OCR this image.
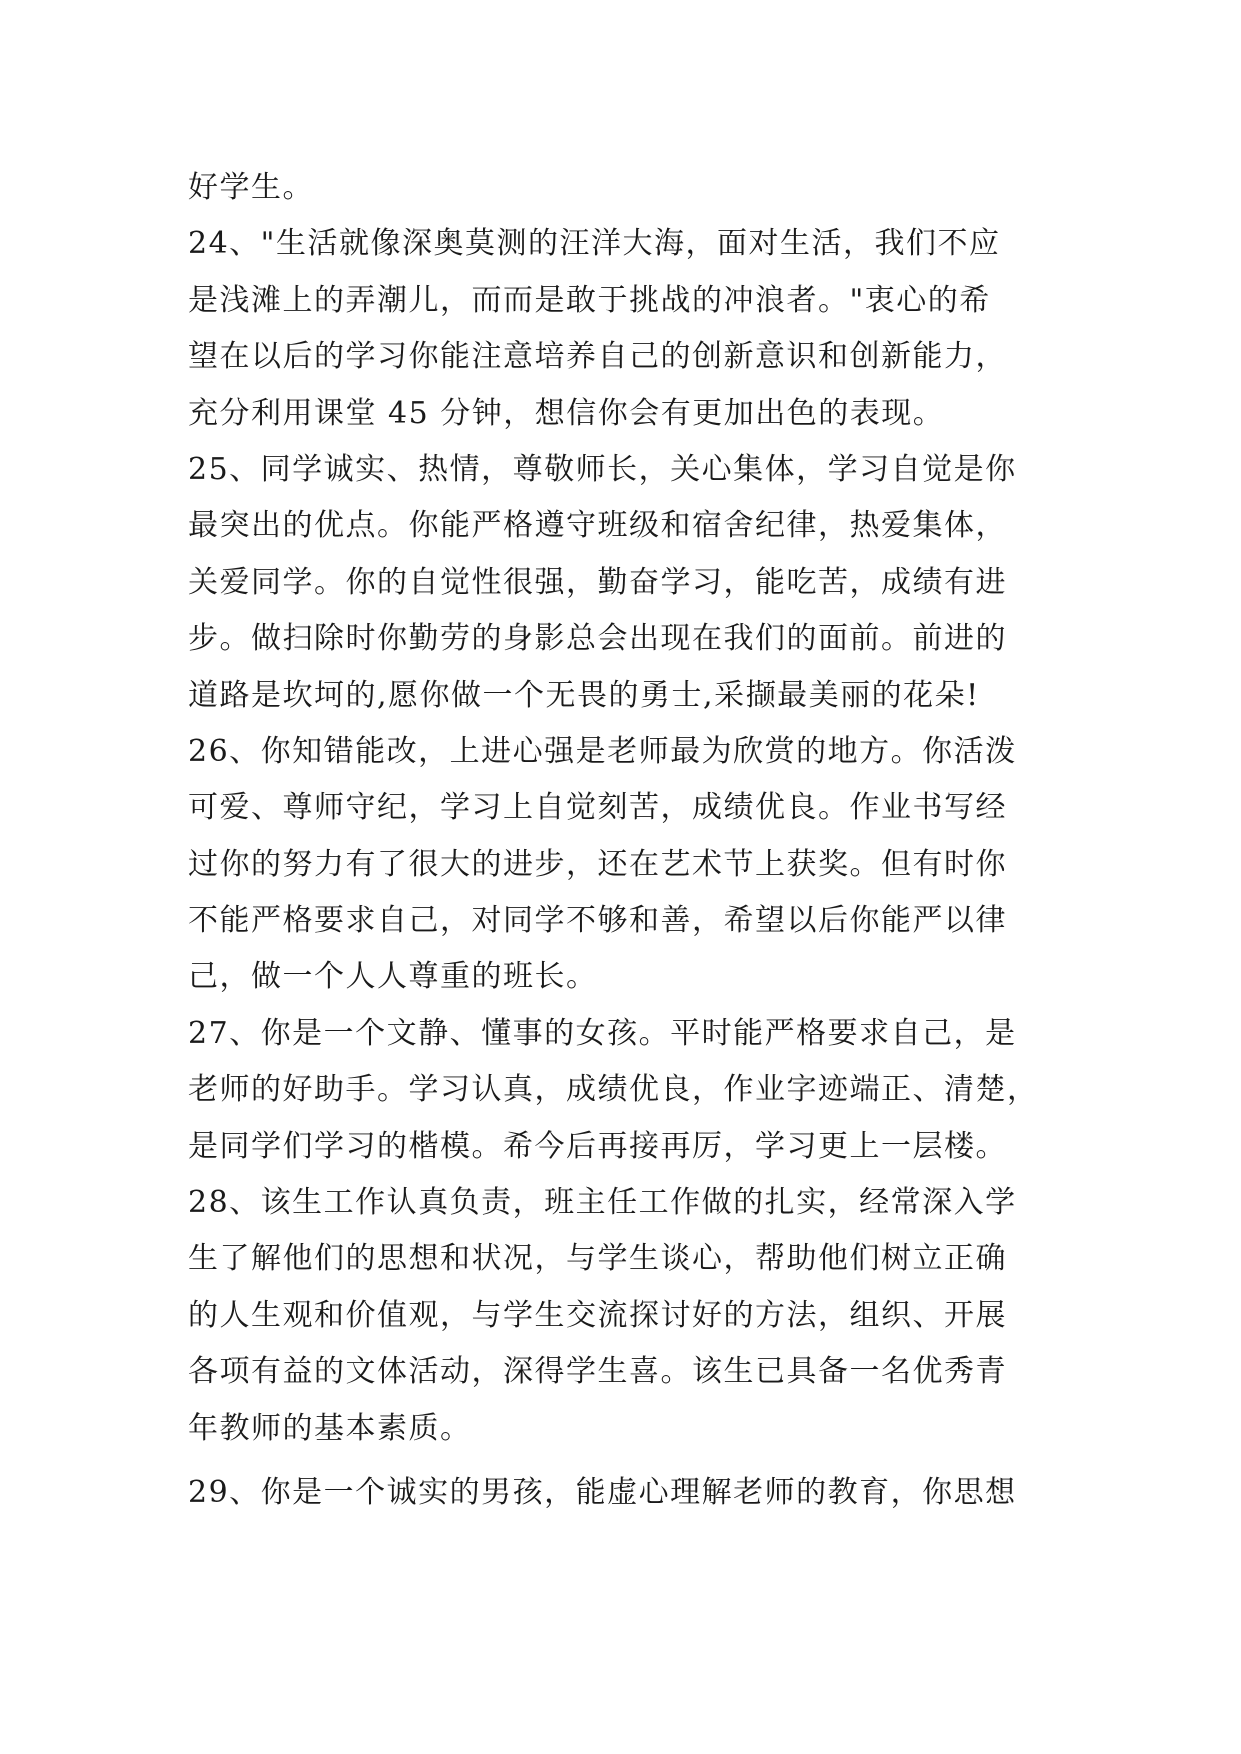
好学生。
24、"生活就像深奥莫测的汪洋大海，面对生活，我们不应
是浅滩上的弄潮儿，而而是敢于挑战的冲浪者。"衷心的希
望在以后的学习你能注意培养自己的创新意识和创新能力，
充分利用课堂 45 分钟，想信你会有更加出色的表现。
25、同学诚实、热情，尊敬师长，关心集体，学习自觉是你
最突出的优点。你能严格遵守班级和宿舍纪律，热爱集体，
关爱同学。你的自觉性很强，勤奋学习，能吃苦，成绩有进
步。做扫除时你勤劳的身影总会出现在我们的面前。前进的
道路是坎坷的,愿你做一个无畏的勇士,采撷最美丽的花朵!
26、你知错能改，上进心强是老师最为欣赏的地方。你活泼
可爱、尊师守纪，学习上自觉刻苦，成绩优良。作业书写经
过你的努力有了很大的进步，还在艺术节上获奖。但有时你
不能严格要求自己，对同学不够和善，希望以后你能严以律
己，做一个人人尊重的班长。
27、你是一个文静、懂事的女孩。平时能严格要求自己，是
老师的好助手。学习认真，成绩优良，作业字迹端正、清楚，
是同学们学习的楷模。希今后再接再厉，学习更上一层楼。
28、该生工作认真负责，班主任工作做的扎实，经常深入学
生了解他们的思想和状况，与学生谈心，帮助他们树立正确
的人生观和价值观，与学生交流探讨好的方法，组织、开展
各项有益的文体活动，深得学生喜。该生已具备一名优秀青
年教师的基本素质。
29、你是一个诚实的男孩，能虚心理解老师的教育，你思想
